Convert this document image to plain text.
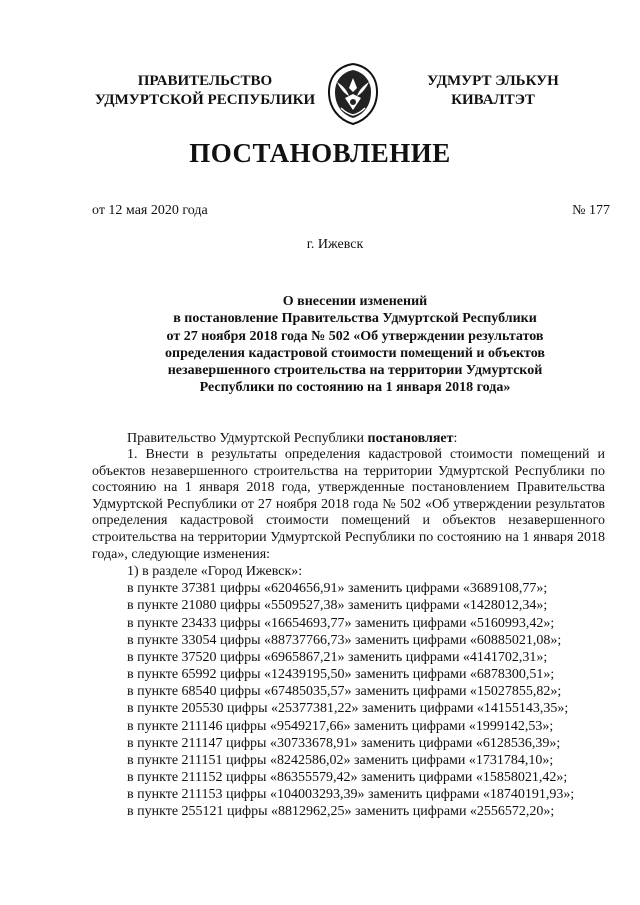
ПРАВИТЕЛЬСТВО
УДМУРТСКОЙ РЕСПУБЛИКИ
УДМУРТ ЭЛЬКУН
КИВАЛТЭТ
ПОСТАНОВЛЕНИЕ
от 12 мая 2020 года	№ 177
г. Ижевск
О внесении изменений
в постановление Правительства Удмуртской Республики
от 27 ноября 2018 года № 502 «Об утверждении результатов
определения кадастровой стоимости помещений и объектов
незавершенного строительства на территории Удмуртской
Республики по состоянию на 1 января 2018 года»

Правительство Удмуртской Республики постановляет:

1. Внести в результаты определения кадастровой стоимости помещений и объектов незавершенного строительства на территории Удмуртской Республики по состоянию на 1 января 2018 года, утвержденные постановлением Правительства Удмуртской Республики от 27 ноября 2018 года № 502 «Об утверждении результатов определения кадастровой стоимости помещений и объектов незавершенного строительства на территории Удмуртской Республики по состоянию на 1 января 2018 года», следующие изменения:

1) в разделе «Город Ижевск»:

в пункте 37381 цифры «6204656,91» заменить цифрами «3689108,77»;

в пункте 21080 цифры «5509527,38» заменить цифрами «1428012,34»;

в пункте 23433 цифры «16654693,77» заменить цифрами «5160993,42»;

в пункте 33054 цифры «88737766,73» заменить цифрами «60885021,08»;

в пункте 37520 цифры «6965867,21» заменить цифрами «4141702,31»;

в пункте 65992 цифры «12439195,50» заменить цифрами «6878300,51»;

в пункте 68540 цифры «67485035,57» заменить цифрами «15027855,82»;

в пункте 205530 цифры «25377381,22» заменить цифрами «14155143,35»;

в пункте 211146 цифры «9549217,66» заменить цифрами «1999142,53»;

в пункте 211147 цифры «30733678,91» заменить цифрами «6128536,39»;

в пункте 211151 цифры «8242586,02» заменить цифрами «1731784,10»;

в пункте 211152 цифры «86355579,42» заменить цифрами «15858021,42»;

в пункте 211153 цифры «104003293,39» заменить цифрами «18740191,93»;

в пункте 255121 цифры «8812962,25» заменить цифрами «2556572,20»;
